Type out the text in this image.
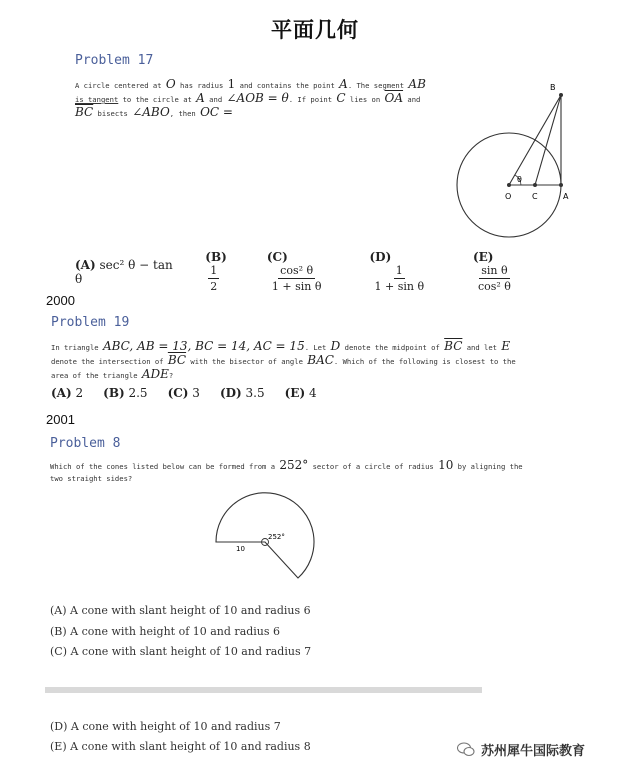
平面几何
Problem 17
A circle centered at O has radius 1 and contains the point A. The segment AB
is tangent to the circle at A and ∠AOB = θ. If point C lies on $\overline{OA}$ and
$\overline{BC}$ bisects ∠ABO, then OC =
θ
B
O	C	A
(A) sec² θ − tan θ
(B)
$\frac{1}{2}$
(C)
$\frac{\text{cos² θ}}{\text{1 + sin θ}}$
(D)
$\frac{1}{\text{1 + sin θ}}$
(E)
$\frac{\text{sin θ}}{\text{cos² θ}}$
2000
Problem 19
In triangle ABC, AB = 13, BC = 14, AC = 15. Let D denote the midpoint of $\overline{BC}$ and let E
denote the intersection of $\overline{BC}$ with the bisector of angle BAC. Which of the following is closest to the
area of the triangle ADE?
(A) 2 (B) 2.5 (C) 3 (D) 3.5 (E) 4
2001
Problem 8
Which of the cones listed below can be formed from a 252° sector of a circle of radius 10 by aligning the
two straight sides?
252°
10
(A) A cone with slant height of 10 and radius 6
(B) A cone with height of 10 and radius 6
(C) A cone with slant height of 10 and radius 7
(D) A cone with height of 10 and radius 7
(E) A cone with slant height of 10 and radius 8	苏州犀牛国际教育
